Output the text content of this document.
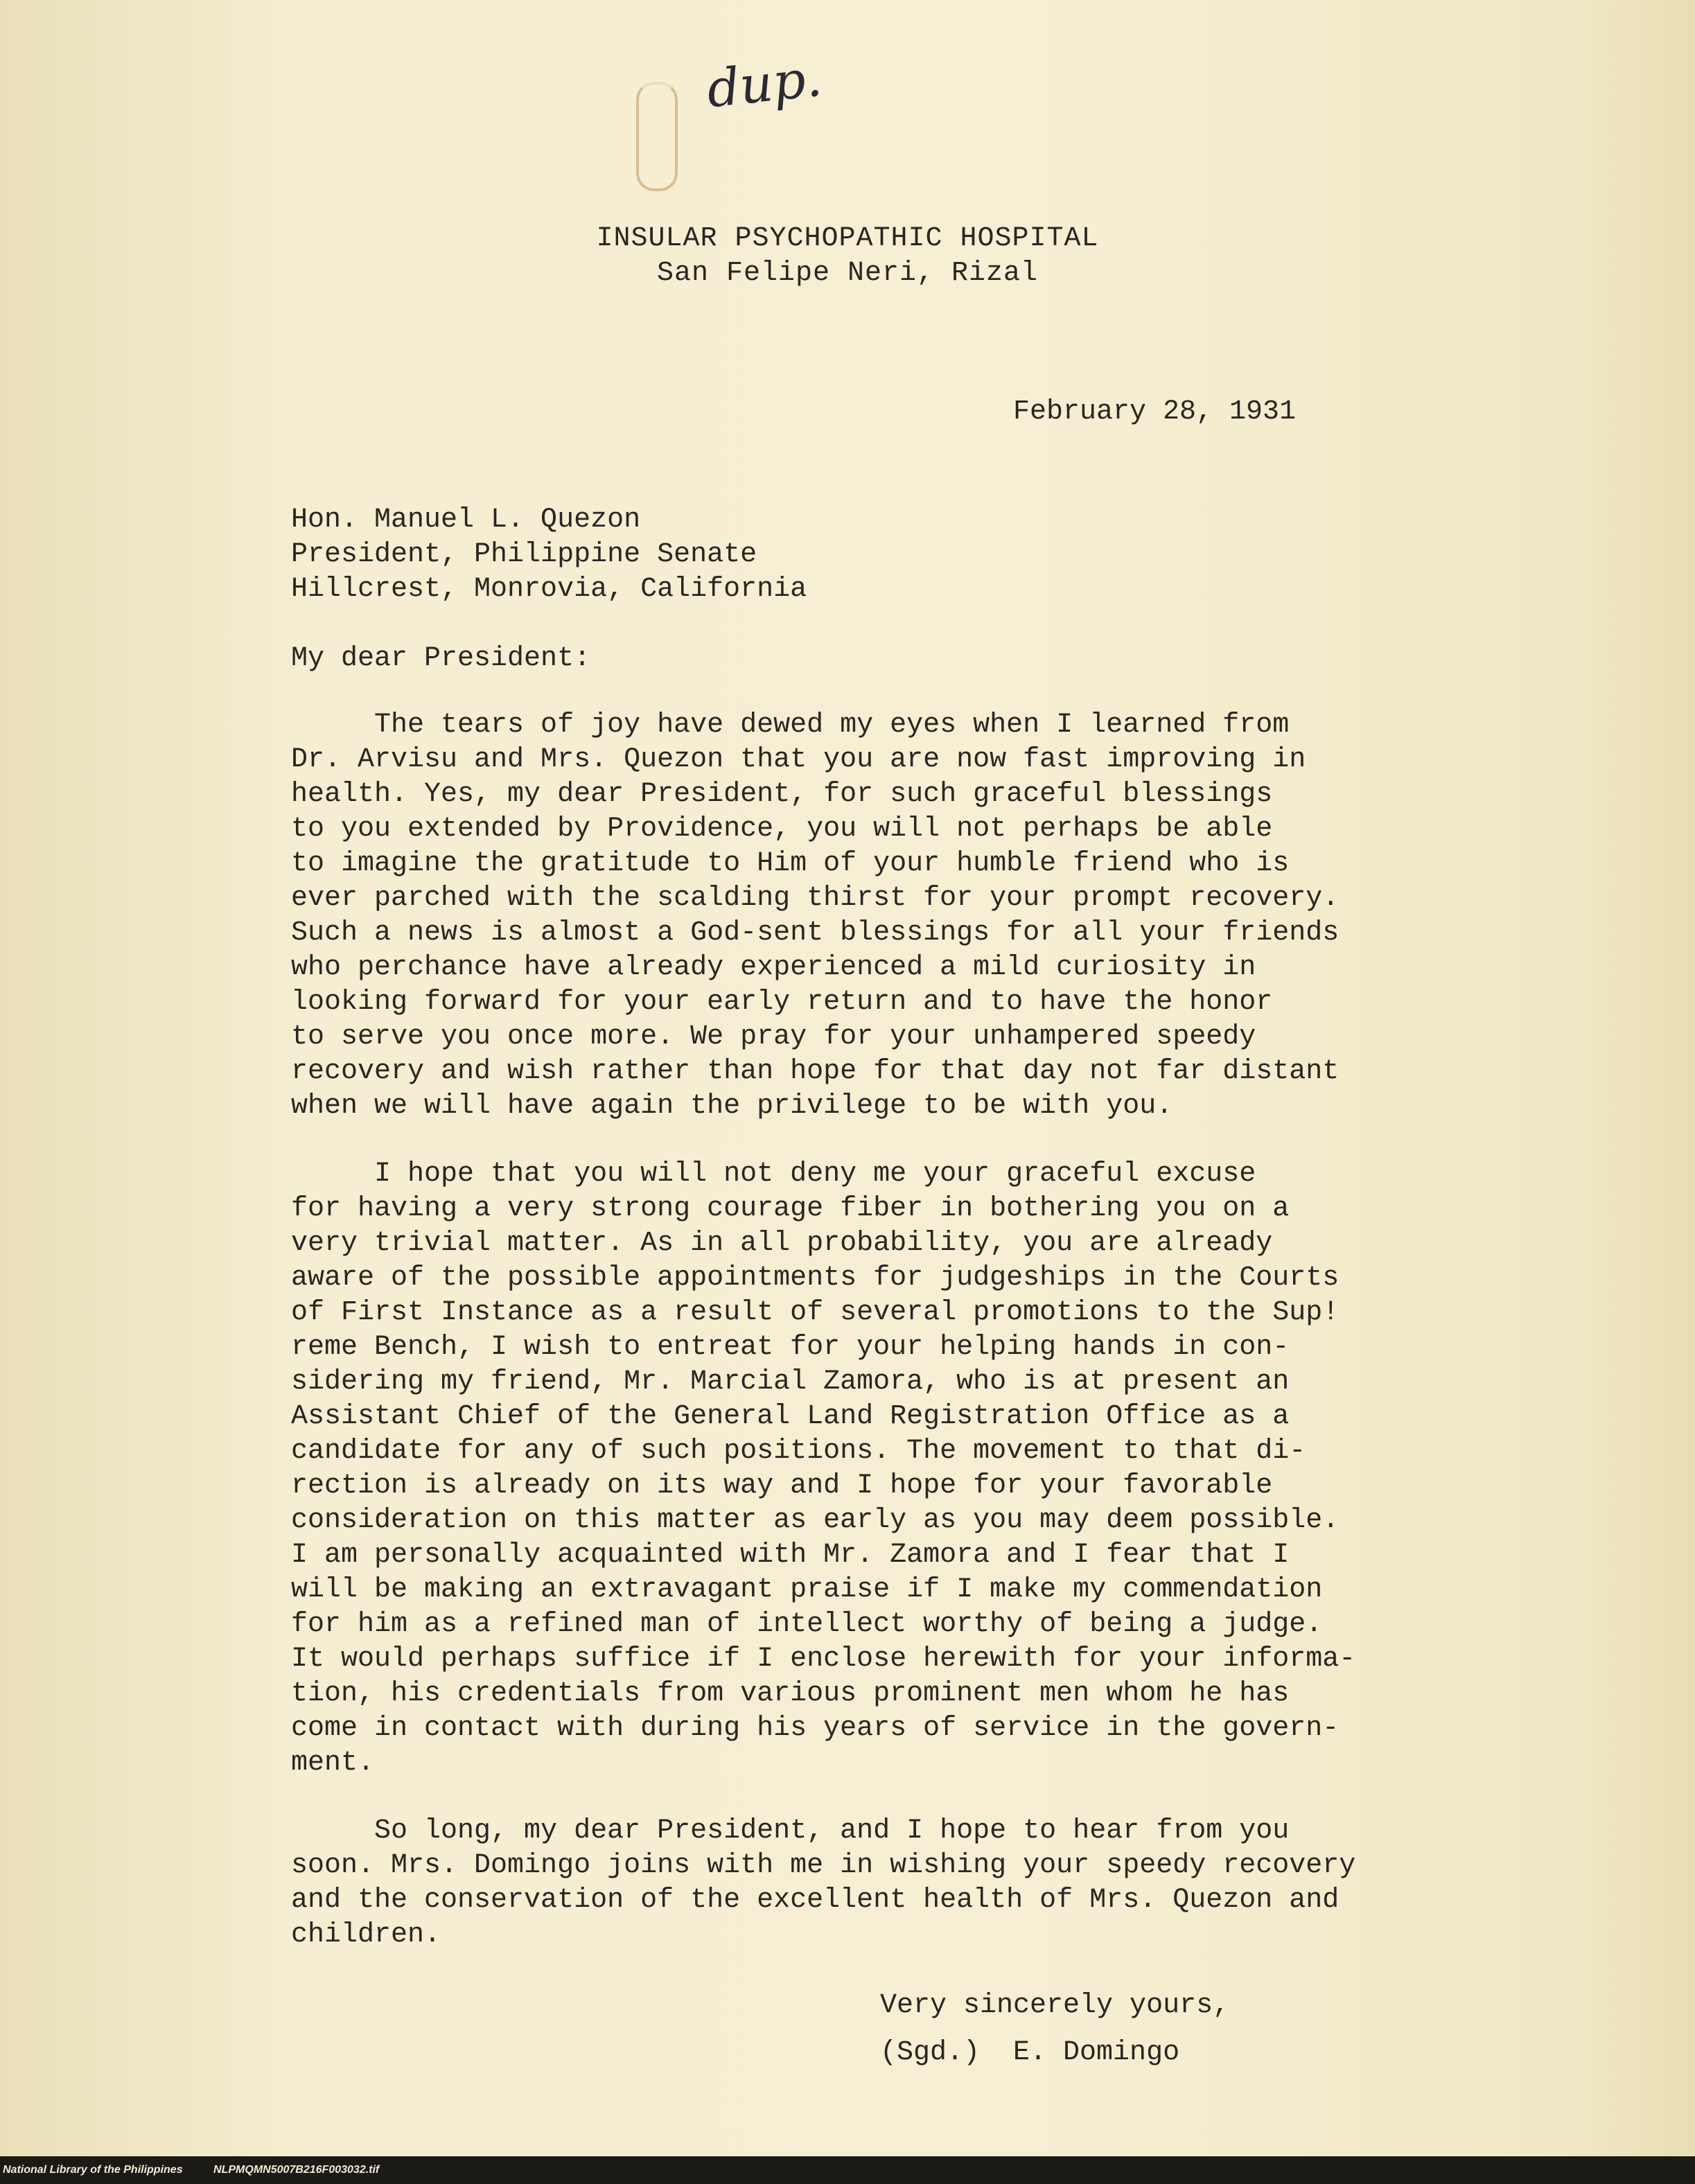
dup.
INSULAR PSYCHOPATHIC HOSPITAL
San Felipe Neri, Rizal
February 28, 1931
Hon. Manuel L. Quezon
President, Philippine Senate
Hillcrest, Monrovia, California
My dear President:
The tears of joy have dewed my eyes when I learned from
Dr. Arvisu and Mrs. Quezon that you are now fast improving in
health. Yes, my dear President, for such graceful blessings
to you extended by Providence, you will not perhaps be able
to imagine the gratitude to Him of your humble friend who is
ever parched with the scalding thirst for your prompt recovery.
Such a news is almost a God-sent blessings for all your friends
who perchance have already experienced a mild curiosity in
looking forward for your early return and to have the honor
to serve you once more. We pray for your unhampered speedy
recovery and wish rather than hope for that day not far distant
when we will have again the privilege to be with you.
I hope that you will not deny me your graceful excuse
for having a very strong courage fiber in bothering you on a
very trivial matter. As in all probability, you are already
aware of the possible appointments for judgeships in the Courts
of First Instance as a result of several promotions to the Sup!
reme Bench, I wish to entreat for your helping hands in con-
sidering my friend, Mr. Marcial Zamora, who is at present an
Assistant Chief of the General Land Registration Office as a
candidate for any of such positions. The movement to that di-
rection is already on its way and I hope for your favorable
consideration on this matter as early as you may deem possible.
I am personally acquainted with Mr. Zamora and I fear that I
will be making an extravagant praise if I make my commendation
for him as a refined man of intellect worthy of being a judge.
It would perhaps suffice if I enclose herewith for your informa-
tion, his credentials from various prominent men whom he has
come in contact with during his years of service in the govern-
ment.
So long, my dear President, and I hope to hear from you
soon. Mrs. Domingo joins with me in wishing your speedy recovery
and the conservation of the excellent health of Mrs. Quezon and
children.
Very sincerely yours,
(Sgd.)  E. Domingo
National Library of the Philippines	NLPMQMN5007B216F003032.tif
